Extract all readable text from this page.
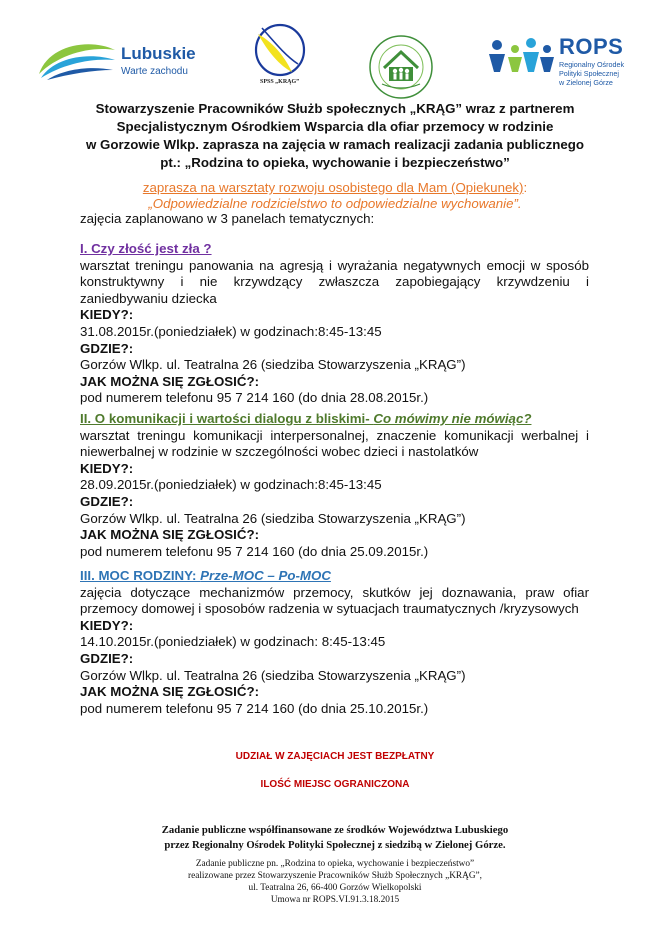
Lubuskie
Warte zachodu
SPSS „KRĄG”
ROPS
Regionalny Ośrodek
Polityki Społecznej
w Zielonej Górze
Stowarzyszenie Pracowników Służb społecznych „KRĄG” wraz z partnerem
Specjalistycznym Ośrodkiem Wsparcia dla ofiar przemocy w rodzinie
w Gorzowie Wlkp. zaprasza na zajęcia w ramach realizacji zadania publicznego
pt.: „Rodzina to opieka, wychowanie i bezpieczeństwo”
zaprasza na warsztaty rozwoju osobistego dla Mam (Opiekunek):
„Odpowiedzialne rodzicielstwo to odpowiedzialne wychowanie”.
zajęcia zaplanowano w 3 panelach tematycznych:

I. Czy złość jest zła ?

warsztat treningu panowania na agresją i wyrażania negatywnych emocji w sposób konstruktywny i nie krzywdzący zwłaszcza zapobiegający krzywdzeniu i zaniedbywaniu dziecka

KIEDY?:

31.08.2015r.(poniedziałek) w godzinach:8:45-13:45

GDZIE?:

Gorzów Wlkp. ul. Teatralna 26 (siedziba Stowarzyszenia „KRĄG”)

JAK MOŻNA SIĘ ZGŁOSIĆ?:

pod numerem telefonu 95 7 214 160 (do dnia 28.08.2015r.)

II. O komunikacji i wartości dialogu z bliskimi- Co mówimy nie mówiąc?

warsztat treningu komunikacji interpersonalnej, znaczenie komunikacji werbalnej i niewerbalnej w rodzinie w szczególności wobec dzieci i nastolatków

KIEDY?:

28.09.2015r.(poniedziałek) w godzinach:8:45-13:45

GDZIE?:

Gorzów Wlkp. ul. Teatralna 26 (siedziba Stowarzyszenia „KRĄG”)

JAK MOŻNA SIĘ ZGŁOSIĆ?:

pod numerem telefonu 95 7 214 160 (do dnia 25.09.2015r.)

III. MOC RODZINY: Prze-MOC – Po-MOC

zajęcia dotyczące mechanizmów przemocy, skutków jej doznawania, praw ofiar przemocy domowej i sposobów radzenia w sytuacjach traumatycznych /kryzysowych

KIEDY?:

14.10.2015r.(poniedziałek) w godzinach: 8:45-13:45

GDZIE?:

Gorzów Wlkp. ul. Teatralna 26 (siedziba Stowarzyszenia „KRĄG”)

JAK MOŻNA SIĘ ZGŁOSIĆ?:

pod numerem telefonu 95 7 214 160 (do dnia 25.10.2015r.)

UDZIAŁ W ZAJĘCIACH JEST BEZPŁATNY
ILOŚĆ MIEJSC OGRANICZONA
Zadanie publiczne współfinansowane ze środków Województwa Lubuskiego
przez Regionalny Ośrodek Polityki Społecznej z siedzibą w Zielonej Górze.
Zadanie publiczne pn. „Rodzina to opieka, wychowanie i bezpieczeństwo”
realizowane przez Stowarzyszenie Pracowników Służb Społecznych „KRĄG”,
ul. Teatralna 26, 66-400 Gorzów Wielkopolski
Umowa nr ROPS.VI.91.3.18.2015
